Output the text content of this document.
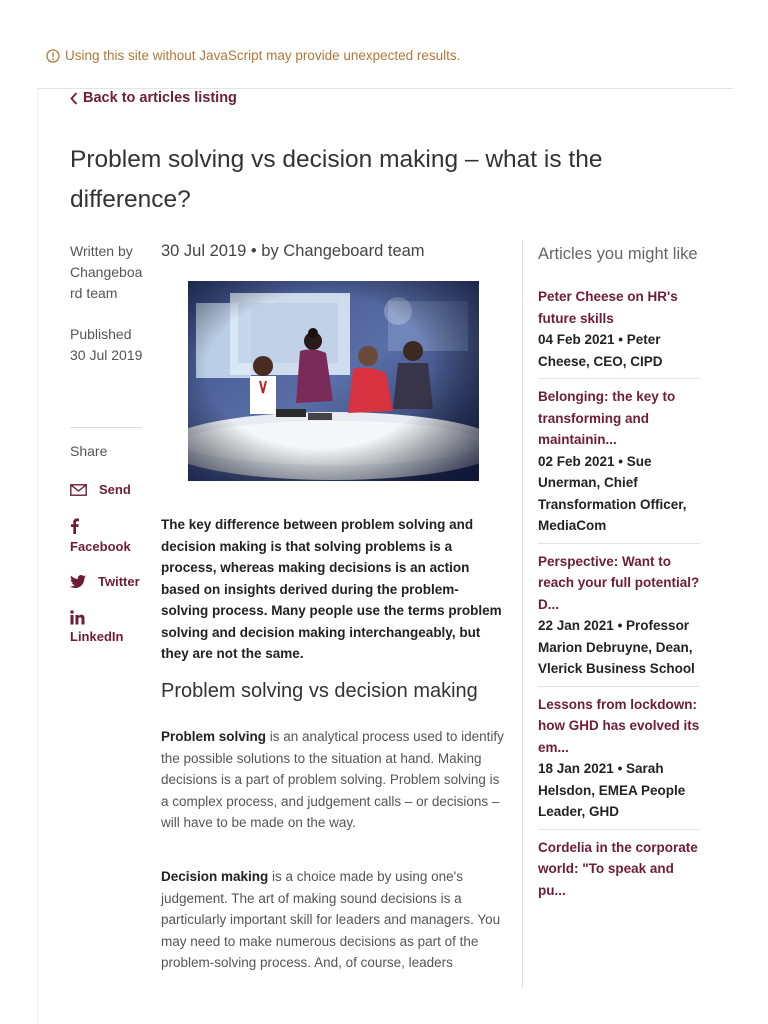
Using this site without JavaScript may provide unexpected results.
Back to articles listing
Problem solving vs decision making – what is the difference?
Written by
Changeboard team
Published
30 Jul 2019
Share
Send
Facebook
Twitter
LinkedIn
30 Jul 2019 • by Changeboard team
The key difference between problem solving and decision making is that solving problems is a process, whereas making decisions is an action based on insights derived during the problem-solving process. Many people use the terms problem solving and decision making interchangeably, but they are not the same.
Problem solving vs decision making
Problem solving is an analytical process used to identify the possible solutions to the situation at hand. Making decisions is a part of problem solving. Problem solving is a complex process, and judgement calls – or decisions – will have to be made on the way.
Decision making is a choice made by using one's judgement. The art of making sound decisions is a particularly important skill for leaders and managers. You may need to make numerous decisions as part of the problem-solving process. And, of course, leaders
Articles you might like
Peter Cheese on HR's future skills
04 Feb 2021 • Peter Cheese, CEO, CIPD
Belonging: the key to transforming and maintainin...
02 Feb 2021 • Sue Unerman, Chief Transformation Officer, MediaCom
Perspective: Want to reach your full potential? D...
22 Jan 2021 • Professor Marion Debruyne, Dean, Vlerick Business School
Lessons from lockdown: how GHD has evolved its em...
18 Jan 2021 • Sarah Helsdon, EMEA People Leader, GHD
Cordelia in the corporate world: "To speak and pu...
